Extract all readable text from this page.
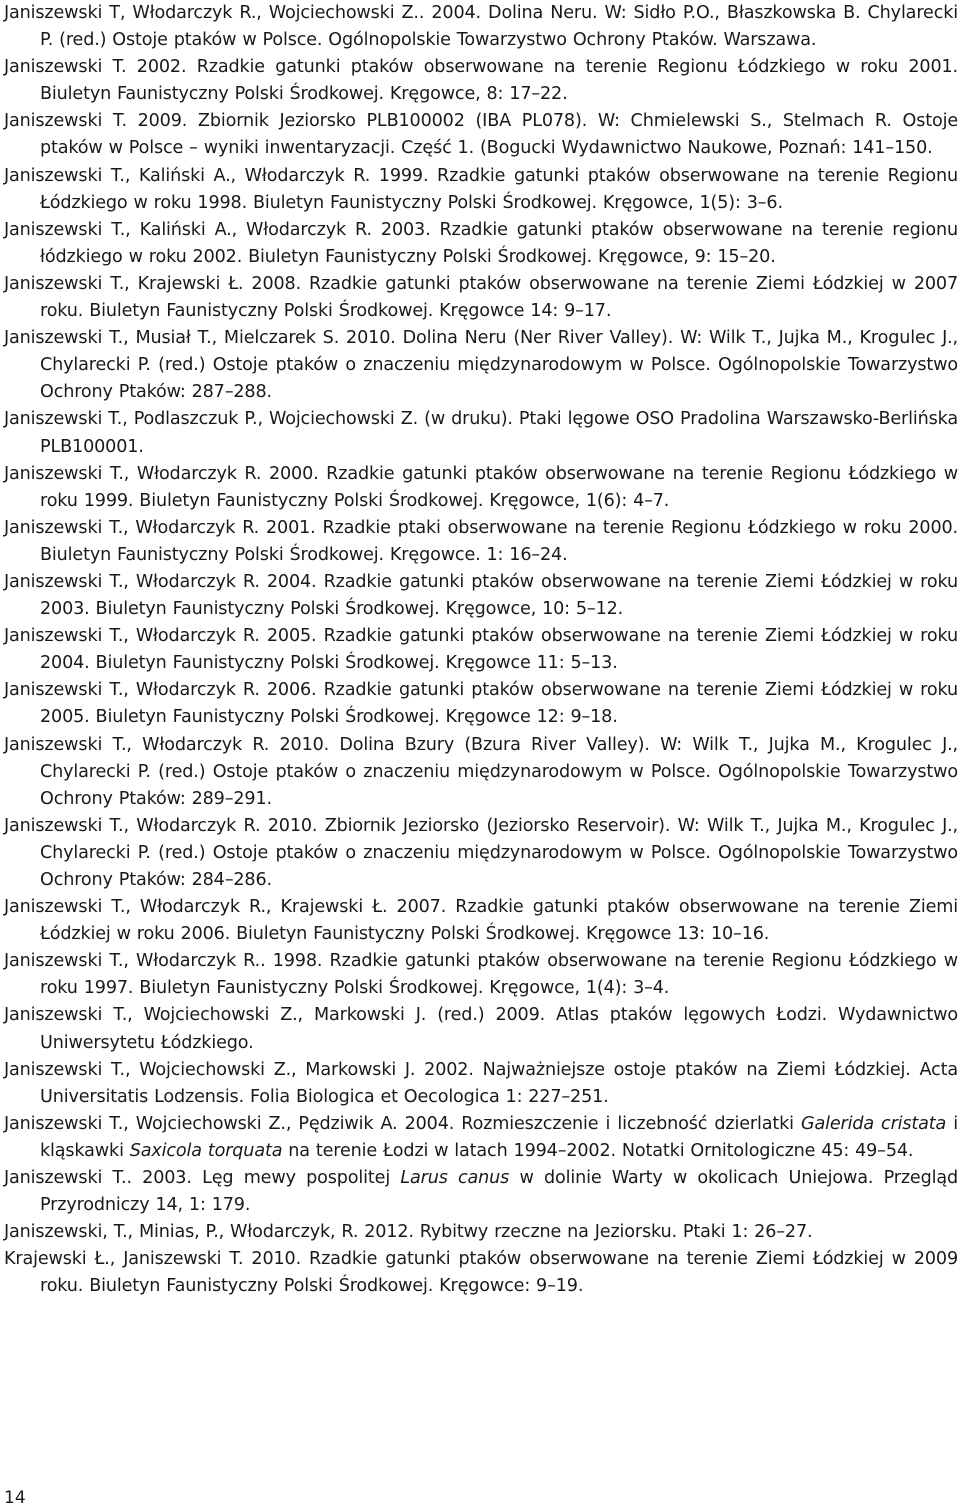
Janiszewski T, Włodarczyk R., Wojciechowski Z.. 2004. Dolina Neru. W: Sidło P.O., Błaszkowska B. Chylarecki P. (red.) Ostoje ptaków w Polsce. Ogólnopolskie Towarzystwo Ochrony Ptaków. Warszawa.
Janiszewski T. 2002. Rzadkie gatunki ptaków obserwowane na terenie Regionu Łódzkiego w roku 2001. Biuletyn Faunistyczny Polski Środkowej. Kręgowce, 8: 17–22.
Janiszewski T. 2009. Zbiornik Jeziorsko PLB100002 (IBA PL078). W: Chmielewski S., Stelmach R. Ostoje ptaków w Polsce – wyniki inwentaryzacji. Część 1. (Bogucki Wydawnictwo Naukowe, Poznań: 141–150.
Janiszewski T., Kaliński A., Włodarczyk R. 1999. Rzadkie gatunki ptaków obserwowane na terenie Regionu Łódzkiego w roku 1998. Biuletyn Faunistyczny Polski Środkowej. Kręgowce, 1(5): 3–6.
Janiszewski T., Kaliński A., Włodarczyk R. 2003. Rzadkie gatunki ptaków obserwowane na terenie regionu łódzkiego w roku 2002. Biuletyn Faunistyczny Polski Środkowej. Kręgowce, 9: 15–20.
Janiszewski T., Krajewski Ł. 2008. Rzadkie gatunki ptaków obserwowane na terenie Ziemi Łódzkiej w 2007 roku. Biuletyn Faunistyczny Polski Środkowej. Kręgowce 14: 9–17.
Janiszewski T., Musiał T., Mielczarek S. 2010. Dolina Neru (Ner River Valley). W: Wilk T., Jujka M., Krogulec J., Chylarecki P. (red.) Ostoje ptaków o znaczeniu międzynarodowym w Polsce. Ogólnopolskie Towarzystwo Ochrony Ptaków: 287–288.
Janiszewski T., Podlaszczuk P., Wojciechowski Z. (w druku). Ptaki lęgowe OSO Pradolina Warszawsko-Berlińska PLB100001.
Janiszewski T., Włodarczyk R. 2000. Rzadkie gatunki ptaków obserwowane na terenie Regionu Łódzkiego w roku 1999. Biuletyn Faunistyczny Polski Środkowej. Kręgowce, 1(6): 4–7.
Janiszewski T., Włodarczyk R. 2001. Rzadkie ptaki obserwowane na terenie Regionu Łódzkiego w roku 2000. Biuletyn Faunistyczny Polski Środkowej. Kręgowce. 1: 16–24.
Janiszewski T., Włodarczyk R. 2004. Rzadkie gatunki ptaków obserwowane na terenie Ziemi Łódzkiej w roku 2003. Biuletyn Faunistyczny Polski Środkowej. Kręgowce, 10: 5–12.
Janiszewski T., Włodarczyk R. 2005. Rzadkie gatunki ptaków obserwowane na terenie Ziemi Łódzkiej w roku 2004. Biuletyn Faunistyczny Polski Środkowej. Kręgowce 11: 5–13.
Janiszewski T., Włodarczyk R. 2006. Rzadkie gatunki ptaków obserwowane na terenie Ziemi Łódzkiej w roku 2005. Biuletyn Faunistyczny Polski Środkowej. Kręgowce 12: 9–18.
Janiszewski T., Włodarczyk R. 2010. Dolina Bzury (Bzura River Valley). W: Wilk T., Jujka M., Krogulec J., Chylarecki P. (red.) Ostoje ptaków o znaczeniu międzynarodowym w Polsce. Ogólnopolskie Towarzystwo Ochrony Ptaków: 289–291.
Janiszewski T., Włodarczyk R. 2010. Zbiornik Jeziorsko (Jeziorsko Reservoir). W: Wilk T., Jujka M., Krogulec J., Chylarecki P. (red.) Ostoje ptaków o znaczeniu międzynarodowym w Polsce. Ogólnopolskie Towarzystwo Ochrony Ptaków: 284–286.
Janiszewski T., Włodarczyk R., Krajewski Ł. 2007. Rzadkie gatunki ptaków obserwowane na terenie Ziemi Łódzkiej w roku 2006. Biuletyn Faunistyczny Polski Środkowej. Kręgowce 13: 10–16.
Janiszewski T., Włodarczyk R.. 1998. Rzadkie gatunki ptaków obserwowane na terenie Regionu Łódzkiego w roku 1997. Biuletyn Faunistyczny Polski Środkowej. Kręgowce, 1(4): 3–4.
Janiszewski T., Wojciechowski Z., Markowski J. (red.) 2009. Atlas ptaków lęgowych Łodzi. Wydawnictwo Uniwersytetu Łódzkiego.
Janiszewski T., Wojciechowski Z., Markowski J. 2002. Najważniejsze ostoje ptaków na Ziemi Łódzkiej. Acta Universitatis Lodzensis. Folia Biologica et Oecologica 1: 227–251.
Janiszewski T., Wojciechowski Z., Pędziwik A. 2004. Rozmieszczenie i liczebność dzierlatki Galerida cristata i kląskawki Saxicola torquata na terenie Łodzi w latach 1994–2002. Notatki Ornitologiczne 45: 49–54.
Janiszewski T.. 2003. Lęg mewy pospolitej Larus canus w dolinie Warty w okolicach Uniejowa. Przegląd Przyrodniczy 14, 1: 179.
Janiszewski, T., Minias, P., Włodarczyk, R. 2012. Rybitwy rzeczne na Jeziorsku. Ptaki 1: 26–27.
Krajewski Ł., Janiszewski T. 2010. Rzadkie gatunki ptaków obserwowane na terenie Ziemi Łódzkiej w 2009 roku. Biuletyn Faunistyczny Polski Środkowej. Kręgowce: 9–19.
14
